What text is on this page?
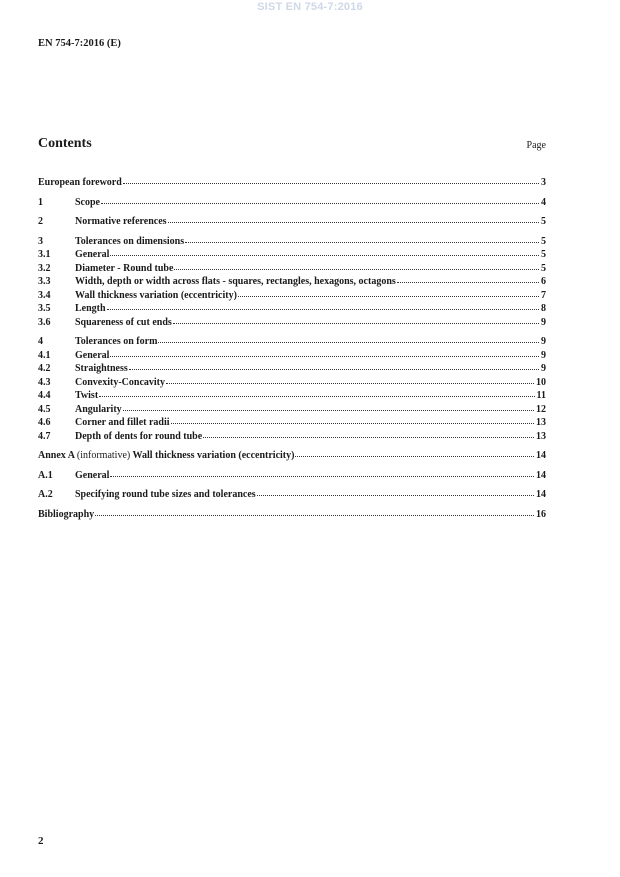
SIST EN 754-7:2016
EN 754-7:2016 (E)
Contents	Page
European foreword	3
1	Scope	4
2	Normative references	5
3	Tolerances on dimensions	5
3.1	General	5
3.2	Diameter - Round tube	5
3.3	Width, depth or width across flats - squares, rectangles, hexagons, octagons	6
3.4	Wall thickness variation (eccentricity)	7
3.5	Length	8
3.6	Squareness of cut ends	9
4	Tolerances on form	9
4.1	General	9
4.2	Straightness	9
4.3	Convexity-Concavity	10
4.4	Twist	11
4.5	Angularity	12
4.6	Corner and fillet radii	13
4.7	Depth of dents for round tube	13
Annex A (informative) Wall thickness variation (eccentricity)	14
A.1	General	14
A.2	Specifying round tube sizes and tolerances	14
Bibliography	16
2
